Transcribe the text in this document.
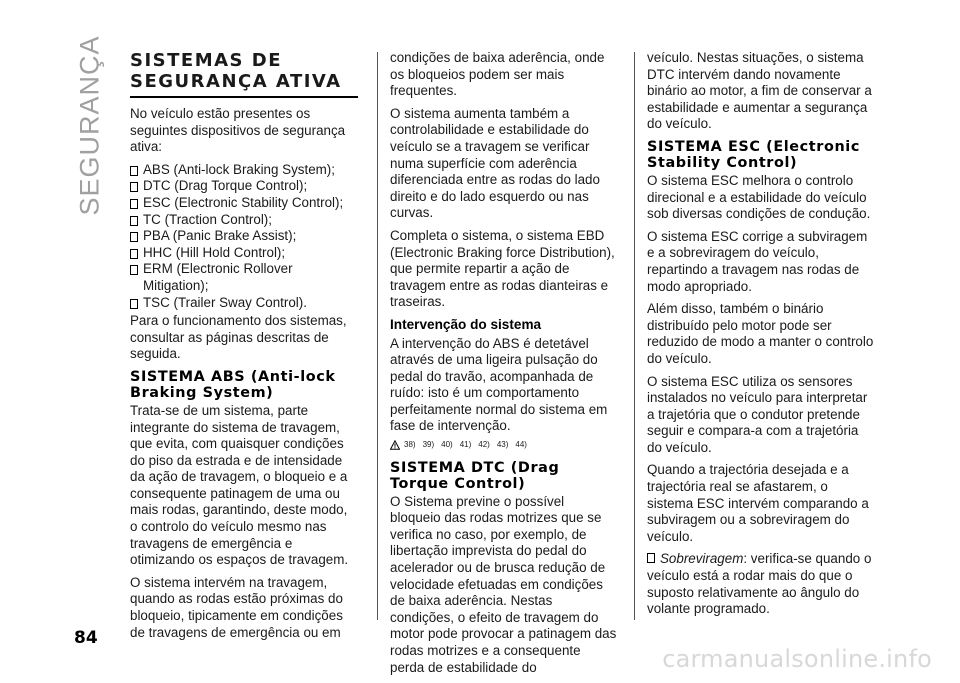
SEGURANÇA SISTEMAS DE SEGURANÇA ATIVA

No veículo estão presentes os seguintes dispositivos de segurança ativa:

ABS (Anti-lock Braking System);
DTC (Drag Torque Control);
ESC (Electronic Stability Control);
TC (Traction Control);
PBA (Panic Brake Assist);
HHC (Hill Hold Control);
ERM (Electronic Rollover Mitigation);
TSC (Trailer Sway Control).

Para o funcionamento dos sistemas, consultar as páginas descritas de seguida.

SISTEMA ABS (Anti-lock Braking System)

Trata-se de um sistema, parte integrante do sistema de travagem, que evita, com quaisquer condições do piso da estrada e de intensidade da ação de travagem, o bloqueio e a consequente patinagem de uma ou mais rodas, garantindo, deste modo, o controlo do veículo mesmo nas travagens de emergência e otimizando os espaços de travagem.

O sistema intervém na travagem, quando as rodas estão próximas do bloqueio, tipicamente em condições de travagens de emergência ou em

condições de baixa aderência, onde os bloqueios podem ser mais frequentes.

O sistema aumenta também a controlabilidade e estabilidade do veículo se a travagem se verificar numa superfície com aderência diferenciada entre as rodas do lado direito e do lado esquerdo ou nas curvas.

Completa o sistema, o sistema EBD (Electronic Braking force Distribution), que permite repartir a ação de travagem entre as rodas dianteiras e traseiras.

Intervenção do sistema

A intervenção do ABS é detetável através de uma ligeira pulsação do pedal do travão, acompanhada de ruído: isto é um comportamento perfeitamente normal do sistema em fase de intervenção.

38) 39) 40) 41) 42) 43) 44)
SISTEMA DTC (Drag Torque Control)

O Sistema previne o possível bloqueio das rodas motrizes que se verifica no caso, por exemplo, de libertação imprevista do pedal do acelerador ou de brusca redução de velocidade efetuadas em condições de baixa aderência. Nestas condições, o efeito de travagem do motor pode provocar a patinagem das rodas motrizes e a consequente perda de estabilidade do

veículo. Nestas situações, o sistema DTC intervém dando novamente binário ao motor, a fim de conservar a estabilidade e aumentar a segurança do veículo.

SISTEMA ESC (Electronic Stability Control)

O sistema ESC melhora o controlo direcional e a estabilidade do veículo sob diversas condições de condução.

O sistema ESC corrige a subviragem e a sobreviragem do veículo, repartindo a travagem nas rodas de modo apropriado.

Além disso, também o binário distribuído pelo motor pode ser reduzido de modo a manter o controlo do veículo.

O sistema ESC utiliza os sensores instalados no veículo para interpretar a trajetória que o condutor pretende seguir e compara-a com a trajetória do veículo.

Quando a trajectória desejada e a trajectória real se afastarem, o sistema ESC intervém comparando a subviragem ou a sobreviragem do veículo.

Sobreviragem: verifica-se quando o veículo está a rodar mais do que o suposto relativamente ao ângulo do volante programado.

84
carmanualsonline.info
